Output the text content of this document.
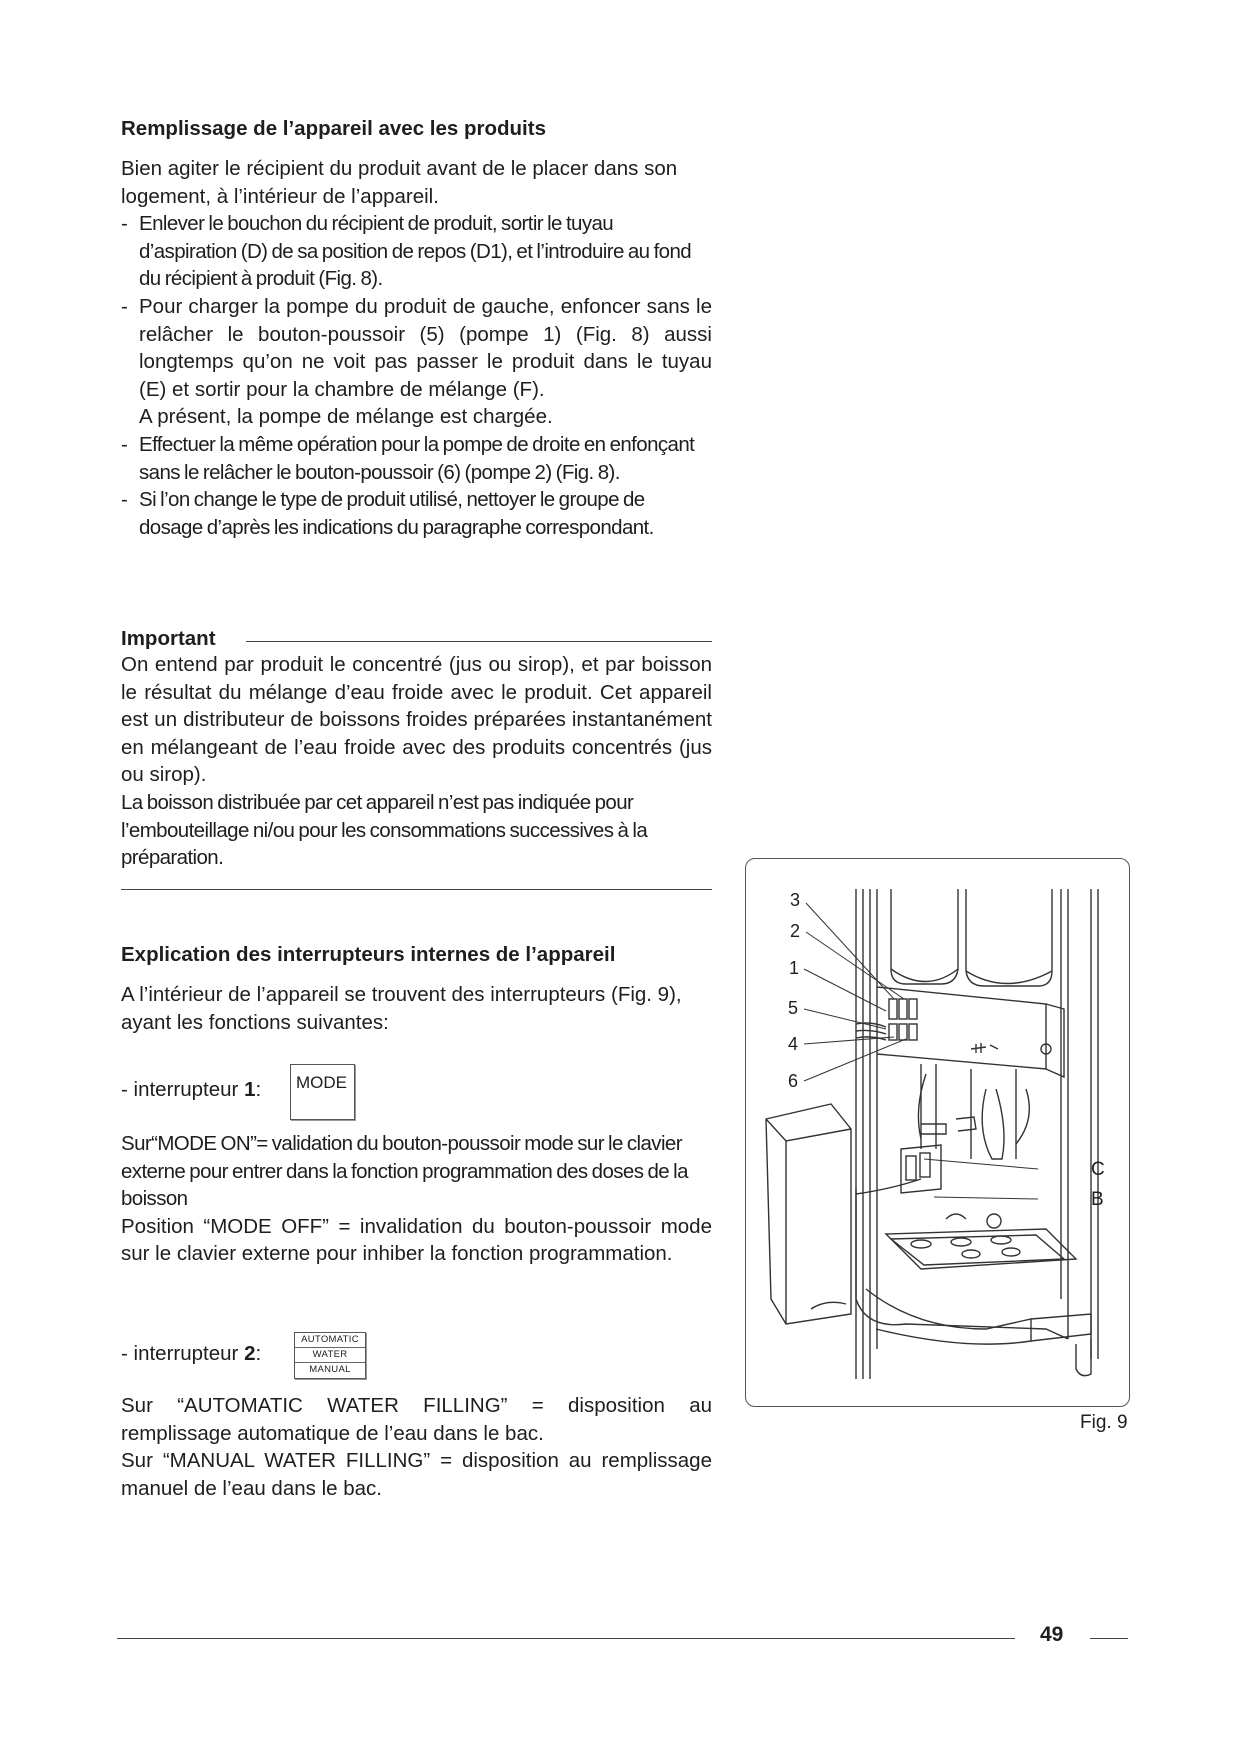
Remplissage de l’appareil avec les produits

Bien agiter le récipient du produit avant de le placer dans son logement, à l’intérieur de l’appareil.

- Enlever le bouchon du récipient de produit, sortir le tuyau d’aspiration (D) de sa position de repos (D1), et l’introduire au fond du récipient à produit (Fig. 8).

- Pour charger la pompe du produit de gauche, enfoncer sans le relâcher le bouton-poussoir (5) (pompe 1) (Fig. 8) aussi longtemps qu’on ne voit pas passer le produit dans le tuyau (E) et sortir pour la chambre de mélange (F).

A présent, la pompe de mélange est chargée.

- Effectuer la même opération pour la pompe de droite en enfonçant sans le relâcher le bouton-poussoir (6) (pompe 2) (Fig. 8).

- Si l’on change le type de produit utilisé, nettoyer le groupe de dosage d’après les indications du paragraphe correspondant.

Important

On entend par produit le concentré (jus ou sirop), et par boisson le résultat du mélange d’eau froide avec le produit. Cet appareil est un distributeur de boissons froides préparées instantanément en mélangeant de l’eau froide avec des produits concentrés (jus ou sirop).

La boisson distribuée par cet appareil n’est pas indiquée pour l’embouteillage ni/ou pour les consommations successives à la préparation.

Explication des interrupteurs internes de l’appareil

A l’intérieur de l’appareil se trouvent des interrupteurs (Fig. 9), ayant les fonctions suivantes:

- interrupteur 1: MODE

Sur“MODE ON”= validation du bouton-poussoir mode sur le clavier externe pour entrer dans la fonction programmation des doses de la boisson

Position “MODE OFF” = invalidation du bouton-poussoir mode sur le clavier externe pour inhiber la fonction programmation.

- interrupteur 2:
AUTOMATIC
WATER
MANUAL

Sur “AUTOMATIC WATER FILLING” = disposition au remplissage automatique de l’eau dans le bac.

Sur “MANUAL WATER FILLING” = disposition au remplissage manuel de l’eau dans le bac.

3
2
1
5
4
6
C
B
Fig. 9
49
